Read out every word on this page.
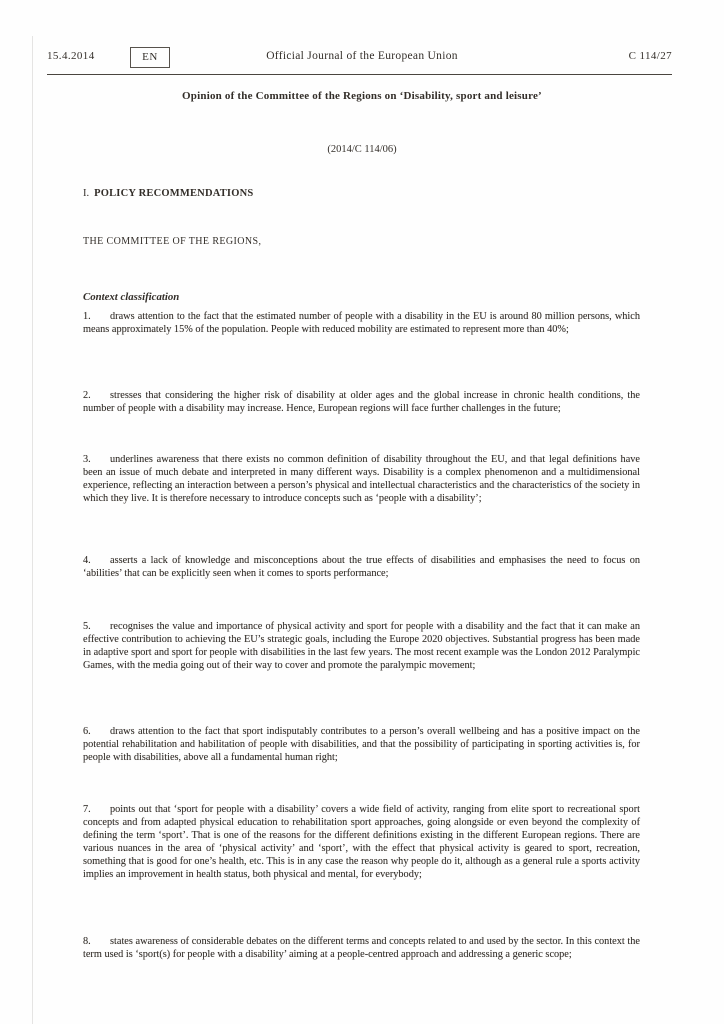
15.4.2014	EN	Official Journal of the European Union	C 114/27
Opinion of the Committee of the Regions on ‘Disability, sport and leisure’
(2014/C 114/06)
I. POLICY RECOMMENDATIONS
THE COMMITTEE OF THE REGIONS,
Context classification

1. draws attention to the fact that the estimated number of people with a disability in the EU is around 80 million persons, which means approximately 15% of the population. People with reduced mobility are estimated to represent more than 40%;

2. stresses that considering the higher risk of disability at older ages and the global increase in chronic health conditions, the number of people with a disability may increase. Hence, European regions will face further challenges in the future;

3. underlines awareness that there exists no common definition of disability throughout the EU, and that legal definitions have been an issue of much debate and interpreted in many different ways. Disability is a complex phenomenon and a multidimensional experience, reflecting an interaction between a person’s physical and intellectual characteristics and the characteristics of the society in which they live. It is therefore necessary to introduce concepts such as ‘people with a disability’;

4. asserts a lack of knowledge and misconceptions about the true effects of disabilities and emphasises the need to focus on ‘abilities’ that can be explicitly seen when it comes to sports performance;

5. recognises the value and importance of physical activity and sport for people with a disability and the fact that it can make an effective contribution to achieving the EU’s strategic goals, including the Europe 2020 objectives. Substantial progress has been made in adaptive sport and sport for people with disabilities in the last few years. The most recent example was the London 2012 Paralympic Games, with the media going out of their way to cover and promote the paralympic movement;

6. draws attention to the fact that sport indisputably contributes to a person’s overall wellbeing and has a positive impact on the potential rehabilitation and habilitation of people with disabilities, and that the possibility of participating in sporting activities is, for people with disabilities, above all a fundamental human right;

7. points out that ‘sport for people with a disability’ covers a wide field of activity, ranging from elite sport to recreational sport concepts and from adapted physical education to rehabilitation sport approaches, going alongside or even beyond the complexity of defining the term ‘sport’. That is one of the reasons for the different definitions existing in the different European regions. There are various nuances in the area of ‘physical activity’ and ‘sport’, with the effect that physical activity is geared to sport, recreation, something that is good for one’s health, etc. This is in any case the reason why people do it, although as a general rule a sports activity implies an improvement in health status, both physical and mental, for everybody;

8. states awareness of considerable debates on the different terms and concepts related to and used by the sector. In this context the term used is ‘sport(s) for people with a disability’ aiming at a people-centred approach and addressing a generic scope;
